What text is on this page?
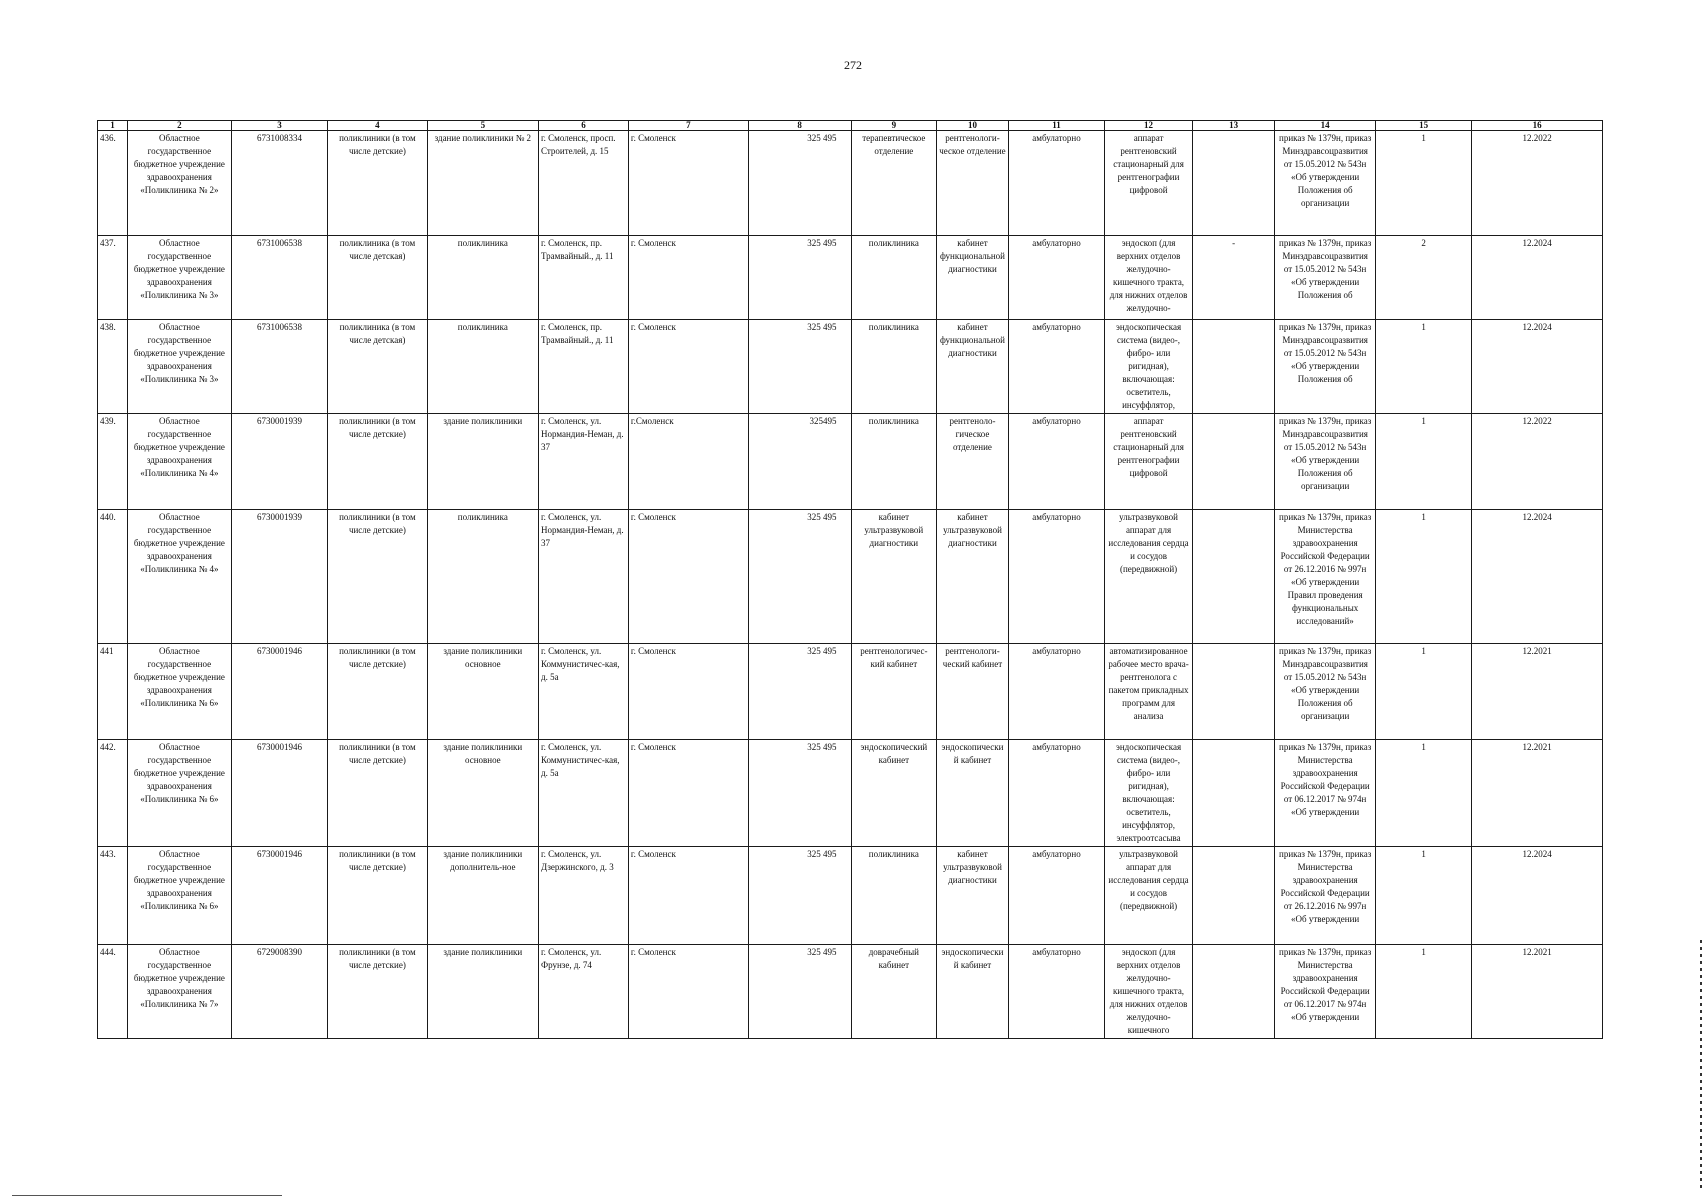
272
1	2	3	4	5	6	7	8	9	10	11	12	13	14	15	16
436.	Областное государственное бюджетное учреждение здравоохранения «Поликлиника № 2»	6731008334	поликлиники (в том числе детские)	здание поликлиники № 2	г. Смоленск, просп. Строителей, д. 15	г. Смоленск	325 495	терапевтическое отделение	рентгенологи-ческое отделение	амбулаторно	аппарат рентгеновский стационарный для рентгенографии цифровой		приказ № 1379н, приказ Минздравсоцразвития от 15.05.2012 № 543н «Об утверждении Положения об организации	1	12.2022
437.	Областное государственное бюджетное учреждение здравоохранения «Поликлиника № 3»	6731006538	поликлиника (в том числе детская)	поликлиника	г. Смоленск, пр. Трамвайный., д. 11	г. Смоленск	325 495	поликлиника	кабинет функциональной диагностики	амбулаторно	эндоскоп (для верхних отделов желудочно-кишечного тракта, для нижних отделов желудочно-	-	приказ № 1379н, приказ Минздравсоцразвития от 15.05.2012 № 543н «Об утверждении Положения об	2	12.2024
438.	Областное государственное бюджетное учреждение здравоохранения «Поликлиника № 3»	6731006538	поликлиника (в том числе детская)	поликлиника	г. Смоленск, пр. Трамвайный., д. 11	г. Смоленск	325 495	поликлиника	кабинет функциональной диагностики	амбулаторно	эндоскопическая система (видео-, фибро- или ригидная), включающая: осветитель, инсуффлятор,		приказ № 1379н, приказ Минздравсоцразвития от 15.05.2012 № 543н «Об утверждении Положения об	1	12.2024
439.	Областное государственное бюджетное учреждение здравоохранения «Поликлиника № 4»	6730001939	поликлиники (в том числе детские)	здание поликлиники	г. Смоленск, ул. Нормандия-Неман, д. 37	г.Смоленск	325495	поликлиника	рентгеноло-гическое отделение	амбулаторно	аппарат рентгеновский стационарный для рентгенографии цифровой		приказ № 1379н, приказ Минздравсоцразвития от 15.05.2012 № 543н «Об утверждении Положения об организации	1	12.2022
440.	Областное государственное бюджетное учреждение здравоохранения «Поликлиника № 4»	6730001939	поликлиники (в том числе детские)	поликлиника	г. Смоленск, ул. Нормандия-Неман, д. 37	г. Смоленск	325 495	кабинет ультразвуковой диагностики	кабинет ультразвуковой диагностики	амбулаторно	ультразвуковой аппарат для исследования сердца и сосудов (передвижной)		приказ № 1379н, приказ Министерства здравоохранения Российской Федерации от 26.12.2016 № 997н «Об утверждении Правил проведения функциональных исследований»	1	12.2024
441	Областное государственное бюджетное учреждение здравоохранения «Поликлиника № 6»	6730001946	поликлиники (в том числе детские)	здание поликлиники основное	г. Смоленск, ул. Коммунистичес-кая, д. 5а	г. Смоленск	325 495	рентгенологичес-кий кабинет	рентгенологи-ческий кабинет	амбулаторно	автоматизированное рабочее место врача-рентгенолога с пакетом прикладных программ для анализа		приказ № 1379н, приказ Минздравсоцразвития от 15.05.2012 № 543н «Об утверждении Положения об организации	1	12.2021
442.	Областное государственное бюджетное учреждение здравоохранения «Поликлиника № 6»	6730001946	поликлиники (в том числе детские)	здание поликлиники основное	г. Смоленск, ул. Коммунистичес-кая, д. 5а	г. Смоленск	325 495	эндоскопический кабинет	эндоскопический кабинет	амбулаторно	эндоскопическая система (видео-, фибро- или ригидная), включающая: осветитель, инсуффлятор, электроотсасыва		приказ № 1379н, приказ Министерства здравоохранения Российской Федерации от 06.12.2017 № 974н «Об утверждении	1	12.2021
443.	Областное государственное бюджетное учреждение здравоохранения «Поликлиника № 6»	6730001946	поликлиники (в том числе детские)	здание поликлиники дополнитель-ное	г. Смоленск, ул. Дзержинского, д. 3	г. Смоленск	325 495	поликлиника	кабинет ультразвуковой диагностики	амбулаторно	ультразвуковой аппарат для исследования сердца и сосудов (передвижной)		приказ № 1379н, приказ Министерства здравоохранения Российской Федерации от 26.12.2016 № 997н «Об утверждении	1	12.2024
444.	Областное государственное бюджетное учреждение здравоохранения «Поликлиника № 7»	6729008390	поликлиники (в том числе детские)	здание поликлиники	г. Смоленск, ул. Фрунзе, д. 74	г. Смоленск	325 495	доврачебный кабинет	эндоскопический кабинет	амбулаторно	эндоскоп (для верхних отделов желудочно-кишечного тракта, для нижних отделов желудочно-кишечного		приказ № 1379н, приказ Министерства здравоохранения Российской Федерации от 06.12.2017 № 974н «Об утверждении	1	12.2021
